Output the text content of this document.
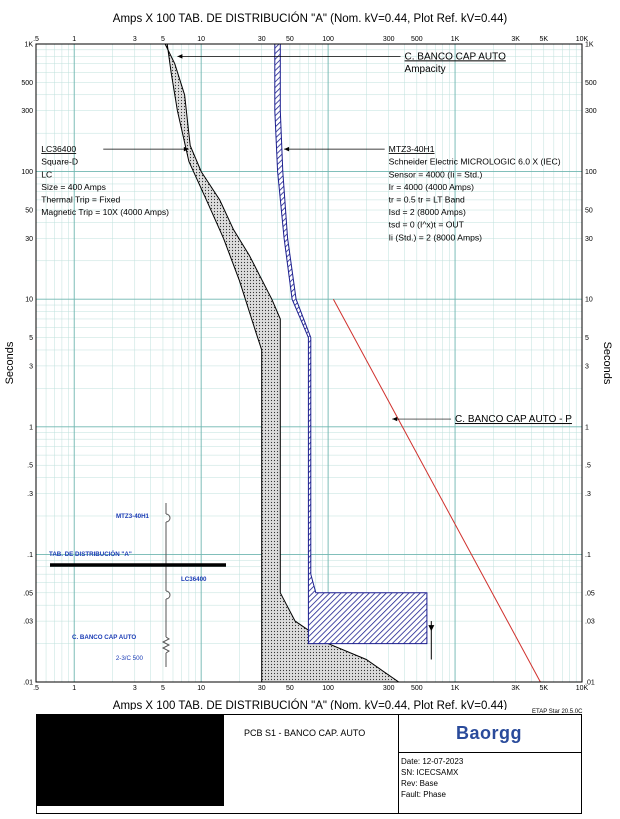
.5
.5
1
1
3
3
5
5
10
10
30
30
50
50
100
100
300
300
500
500
1K
1K
3K
3K
5K
5K
10K
10K
1K	1K
500	500
300	300
100	100
50	50
30	30
10	10
5	5
3	3
1	1
.5	.5
.3	.3
.1	.1
.05	.05
.03	.03
.01	.01
LC36400
Square-D
LC
Size = 400 Amps
Thermal Trip = Fixed
Magnetic Trip = 10X (4000 Amps)
MTZ3-40H1
Schneider Electric MICROLOGIC 6.0 X (IEC)
Sensor = 4000 (Ii = Std.)
Ir = 4000 (4000 Amps)
tr = 0.5 tr = LT Band
Isd = 2 (8000 Amps)
tsd = 0 (I^x)t = OUT
Ii (Std.) = 2 (8000 Amps)
C. BANCO CAP AUTO - P
C. BANCO CAP AUTO
Ampacity
Amps X 100 TAB. DE DISTRIBUCIÓN "A" (Nom. kV=0.44, Plot Ref. kV=0.44)
Amps X 100 TAB. DE DISTRIBUCIÓN "A" (Nom. kV=0.44, Plot Ref. kV=0.44)
Seconds	Seconds
MTZ3-40H1
TAB. DE DISTRIBUCIÓN "A"
LC36400
C. BANCO CAP AUTO
2-3/C 500
ETAP Star 20.5.0C
PCB S1 - BANCO CAP. AUTO	Baorgg
Date: 12-07-2023
SN: ICECSAMX
Rev: Base
Fault: Phase
